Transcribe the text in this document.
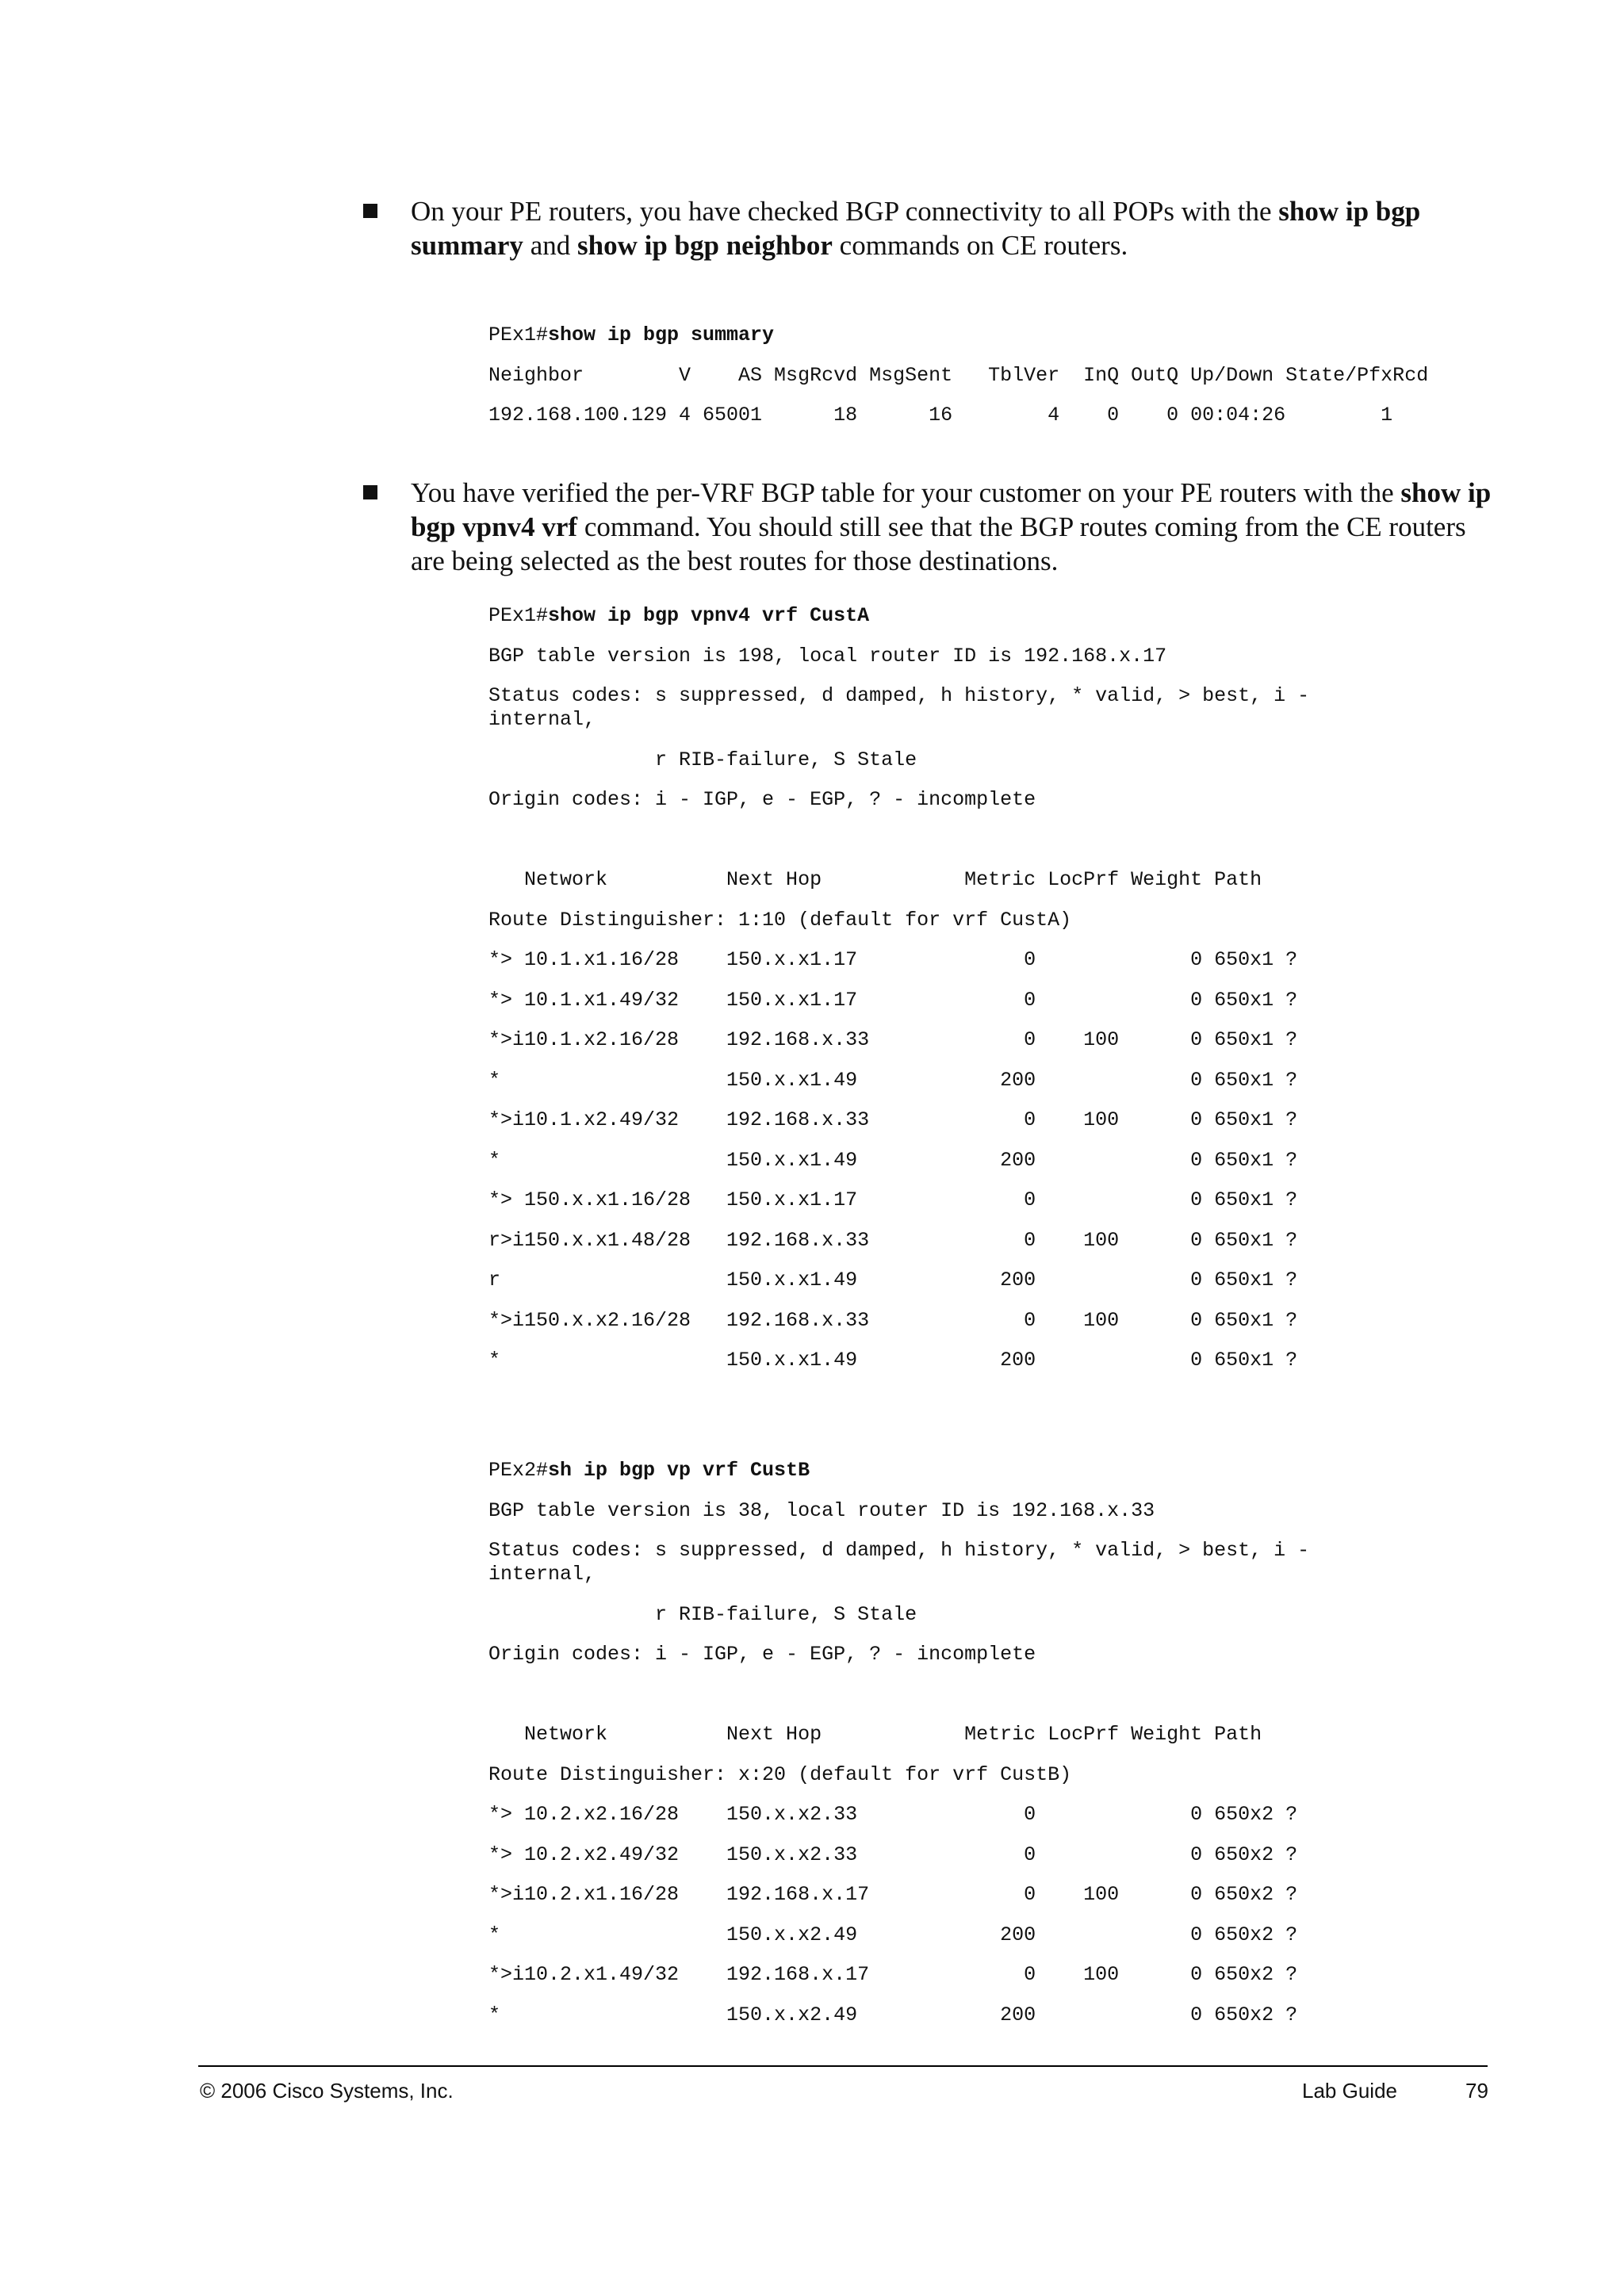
On your PE routers, you have checked BGP connectivity to all POPs with the show ip bgp summary and show ip bgp neighbor commands on CE routers.
PEx1#show ip bgp summary
Neighbor        V    AS MsgRcvd MsgSent   TblVer  InQ OutQ Up/Down State/PfxRcd
192.168.100.129 4 65001      18      16        4    0    0 00:04:26        1
You have verified the per-VRF BGP table for your customer on your PE routers with the show ip bgp vpnv4 vrf command. You should still see that the BGP routes coming from the CE routers are being selected as the best routes for those destinations.
PEx1#show ip bgp vpnv4 vrf CustA
BGP table version is 198, local router ID is 192.168.x.17
Status codes: s suppressed, d damped, h history, * valid, > best, i -
internal,
r RIB-failure, S Stale
Origin codes: i - IGP, e - EGP, ? - incomplete
Network          Next Hop            Metric LocPrf Weight Path
Route Distinguisher: 1:10 (default for vrf CustA)
*> 10.1.x1.16/28    150.x.x1.17              0             0 650x1 ?
*> 10.1.x1.49/32    150.x.x1.17              0             0 650x1 ?
*>i10.1.x2.16/28    192.168.x.33             0    100      0 650x1 ?
*                   150.x.x1.49            200             0 650x1 ?
*>i10.1.x2.49/32    192.168.x.33             0    100      0 650x1 ?
*                   150.x.x1.49            200             0 650x1 ?
*> 150.x.x1.16/28   150.x.x1.17              0             0 650x1 ?
r>i150.x.x1.48/28   192.168.x.33             0    100      0 650x1 ?
r                   150.x.x1.49            200             0 650x1 ?
*>i150.x.x2.16/28   192.168.x.33             0    100      0 650x1 ?
*                   150.x.x1.49            200             0 650x1 ?
PEx2#sh ip bgp vp vrf CustB
BGP table version is 38, local router ID is 192.168.x.33
Status codes: s suppressed, d damped, h history, * valid, > best, i -
internal,
r RIB-failure, S Stale
Origin codes: i - IGP, e - EGP, ? - incomplete
Network          Next Hop            Metric LocPrf Weight Path
Route Distinguisher: x:20 (default for vrf CustB)
*> 10.2.x2.16/28    150.x.x2.33              0             0 650x2 ?
*> 10.2.x2.49/32    150.x.x2.33              0             0 650x2 ?
*>i10.2.x1.16/28    192.168.x.17             0    100      0 650x2 ?
*                   150.x.x2.49            200             0 650x2 ?
*>i10.2.x1.49/32    192.168.x.17             0    100      0 650x2 ?
*                   150.x.x2.49            200             0 650x2 ?
© 2006 Cisco Systems, Inc.	Lab Guide	79
